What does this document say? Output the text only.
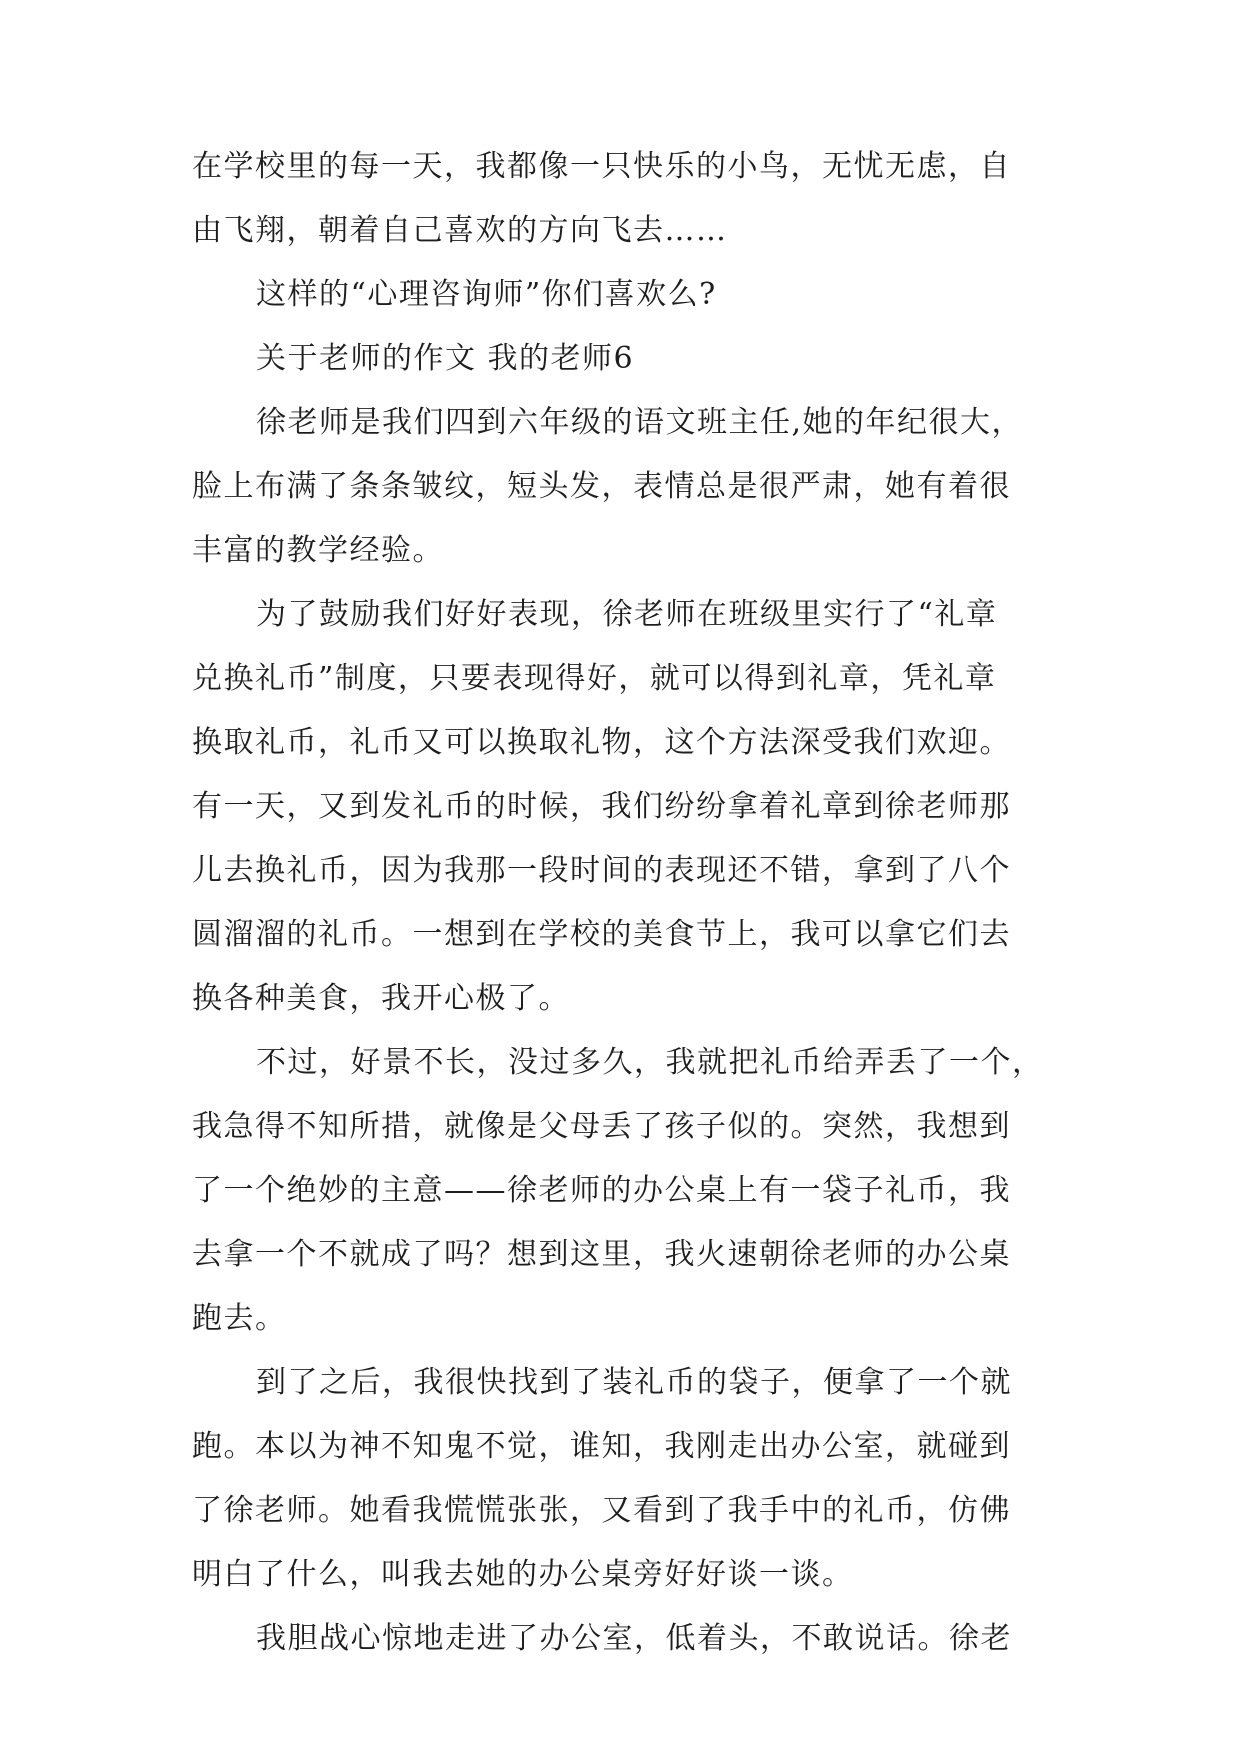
在学校里的每一天，我都像一只快乐的小鸟，无忧无虑，自

由飞翔，朝着自己喜欢的方向飞去……

这样的“心理咨询师”你们喜欢么?

关于老师的作文 我的老师6

徐老师是我们四到六年级的语文班主任,她的年纪很大，

脸上布满了条条皱纹，短头发，表情总是很严肃，她有着很

丰富的教学经验。

为了鼓励我们好好表现，徐老师在班级里实行了“礼章

兑换礼币”制度，只要表现得好，就可以得到礼章，凭礼章

换取礼币，礼币又可以换取礼物，这个方法深受我们欢迎。

有一天，又到发礼币的时候，我们纷纷拿着礼章到徐老师那

儿去换礼币，因为我那一段时间的表现还不错，拿到了八个

圆溜溜的礼币。一想到在学校的美食节上，我可以拿它们去

换各种美食，我开心极了。

不过，好景不长，没过多久，我就把礼币给弄丢了一个，

我急得不知所措，就像是父母丢了孩子似的。突然，我想到

了一个绝妙的主意——徐老师的办公桌上有一袋子礼币，我

去拿一个不就成了吗？想到这里，我火速朝徐老师的办公桌

跑去。

到了之后，我很快找到了装礼币的袋子，便拿了一个就

跑。本以为神不知鬼不觉，谁知，我刚走出办公室，就碰到

了徐老师。她看我慌慌张张，又看到了我手中的礼币，仿佛

明白了什么，叫我去她的办公桌旁好好谈一谈。

我胆战心惊地走进了办公室，低着头，不敢说话。徐老
